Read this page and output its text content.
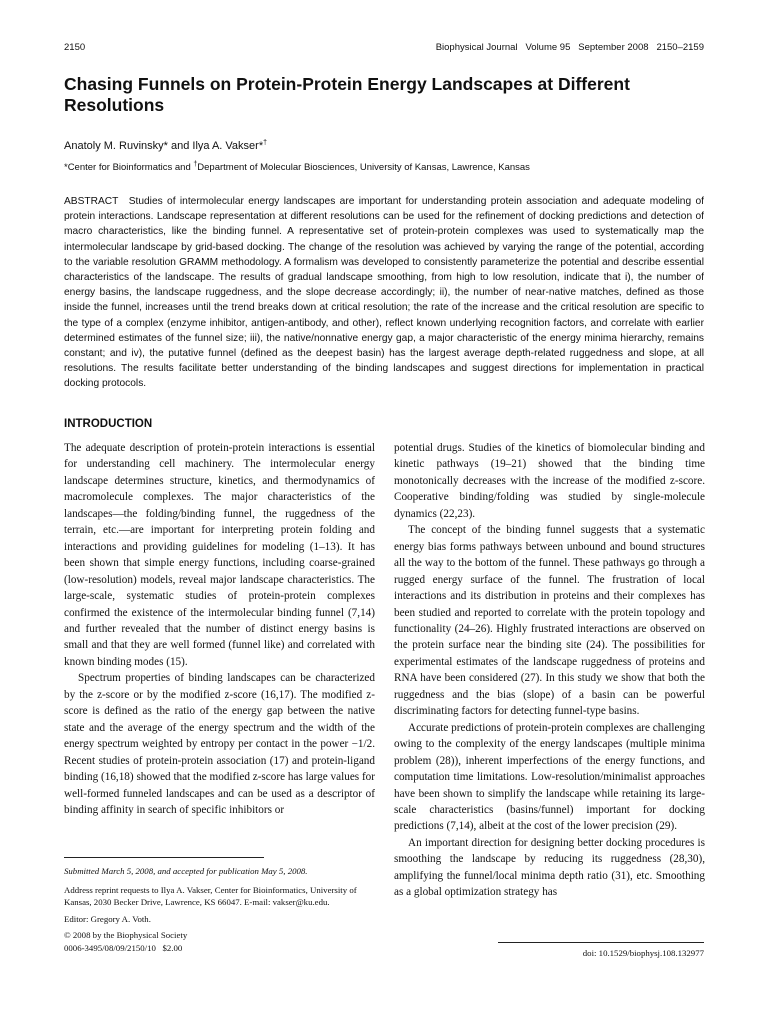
2150	Biophysical Journal   Volume 95   September 2008   2150–2159
Chasing Funnels on Protein-Protein Energy Landscapes at Different Resolutions
Anatoly M. Ruvinsky* and Ilya A. Vakser*†
*Center for Bioinformatics and †Department of Molecular Biosciences, University of Kansas, Lawrence, Kansas

ABSTRACT Studies of intermolecular energy landscapes are important for understanding protein association and adequate modeling of protein interactions. Landscape representation at different resolutions can be used for the refinement of docking predictions and detection of macro characteristics, like the binding funnel. A representative set of protein-protein complexes was used to systematically map the intermolecular landscape by grid-based docking. The change of the resolution was achieved by varying the range of the potential, according to the variable resolution GRAMM methodology. A formalism was developed to consistently parameterize the potential and describe essential characteristics of the landscape. The results of gradual landscape smoothing, from high to low resolution, indicate that i), the number of energy basins, the landscape ruggedness, and the slope decrease accordingly; ii), the number of near-native matches, defined as those inside the funnel, increases until the trend breaks down at critical resolution; the rate of the increase and the critical resolution are specific to the type of a complex (enzyme inhibitor, antigen-antibody, and other), reflect known underlying recognition factors, and correlate with earlier determined estimates of the funnel size; iii), the native/nonnative energy gap, a major characteristic of the energy minima hierarchy, remains constant; and iv), the putative funnel (defined as the deepest basin) has the largest average depth-related ruggedness and slope, at all resolutions. The results facilitate better understanding of the binding landscapes and suggest directions for implementation in practical docking protocols.

INTRODUCTION

The adequate description of protein-protein interactions is essential for understanding cell machinery. The intermolecular energy landscape determines structure, kinetics, and thermodynamics of macromolecule complexes. The major characteristics of the landscapes—the folding/binding funnel, the ruggedness of the terrain, etc.—are important for interpreting protein folding and interactions and providing guidelines for modeling (1–13). It has been shown that simple energy functions, including coarse-grained (low-resolution) models, reveal major landscape characteristics. The large-scale, systematic studies of protein-protein complexes confirmed the existence of the intermolecular binding funnel (7,14) and further revealed that the number of distinct energy basins is small and that they are well formed (funnel like) and correlated with known binding modes (15).

Spectrum properties of binding landscapes can be characterized by the z-score or by the modified z-score (16,17). The modified z-score is defined as the ratio of the energy gap between the native state and the average of the energy spectrum and the width of the energy spectrum weighted by entropy per contact in the power −1/2. Recent studies of protein-protein association (17) and protein-ligand binding (16,18) showed that the modified z-score has large values for well-formed funneled landscapes and can be used as a descriptor of binding affinity in search of specific inhibitors or

potential drugs. Studies of the kinetics of biomolecular binding and kinetic pathways (19–21) showed that the binding time monotonically decreases with the increase of the modified z-score. Cooperative binding/folding was studied by single-molecule dynamics (22,23).

The concept of the binding funnel suggests that a systematic energy bias forms pathways between unbound and bound structures all the way to the bottom of the funnel. These pathways go through a rugged energy surface of the funnel. The frustration of local interactions and its distribution in proteins and their complexes has been studied and reported to correlate with the protein topology and functionality (24–26). Highly frustrated interactions are observed on the protein surface near the binding site (24). The possibilities for experimental estimates of the landscape ruggedness of proteins and RNA have been considered (27). In this study we show that both the ruggedness and the bias (slope) of a basin can be powerful discriminating factors for detecting funnel-type basins.

Accurate predictions of protein-protein complexes are challenging owing to the complexity of the energy landscapes (multiple minima problem (28)), inherent imperfections of the energy functions, and computation time limitations. Low-resolution/minimalist approaches have been shown to simplify the landscape while retaining its large-scale characteristics (basins/funnel) important for docking predictions (7,14), albeit at the cost of the lower precision (29).

An important direction for designing better docking procedures is smoothing the landscape by reducing its ruggedness (28,30), amplifying the funnel/local minima depth ratio (31), etc. Smoothing as a global optimization strategy has

Submitted March 5, 2008, and accepted for publication May 5, 2008.

Address reprint requests to Ilya A. Vakser, Center for Bioinformatics, University of Kansas, 2030 Becker Drive, Lawrence, KS 66047. E-mail: vakser@ku.edu.

Editor: Gregory A. Voth.

© 2008 by the Biophysical Society

0006-3495/08/09/2150/10   $2.00

doi: 10.1529/biophysj.108.132977
